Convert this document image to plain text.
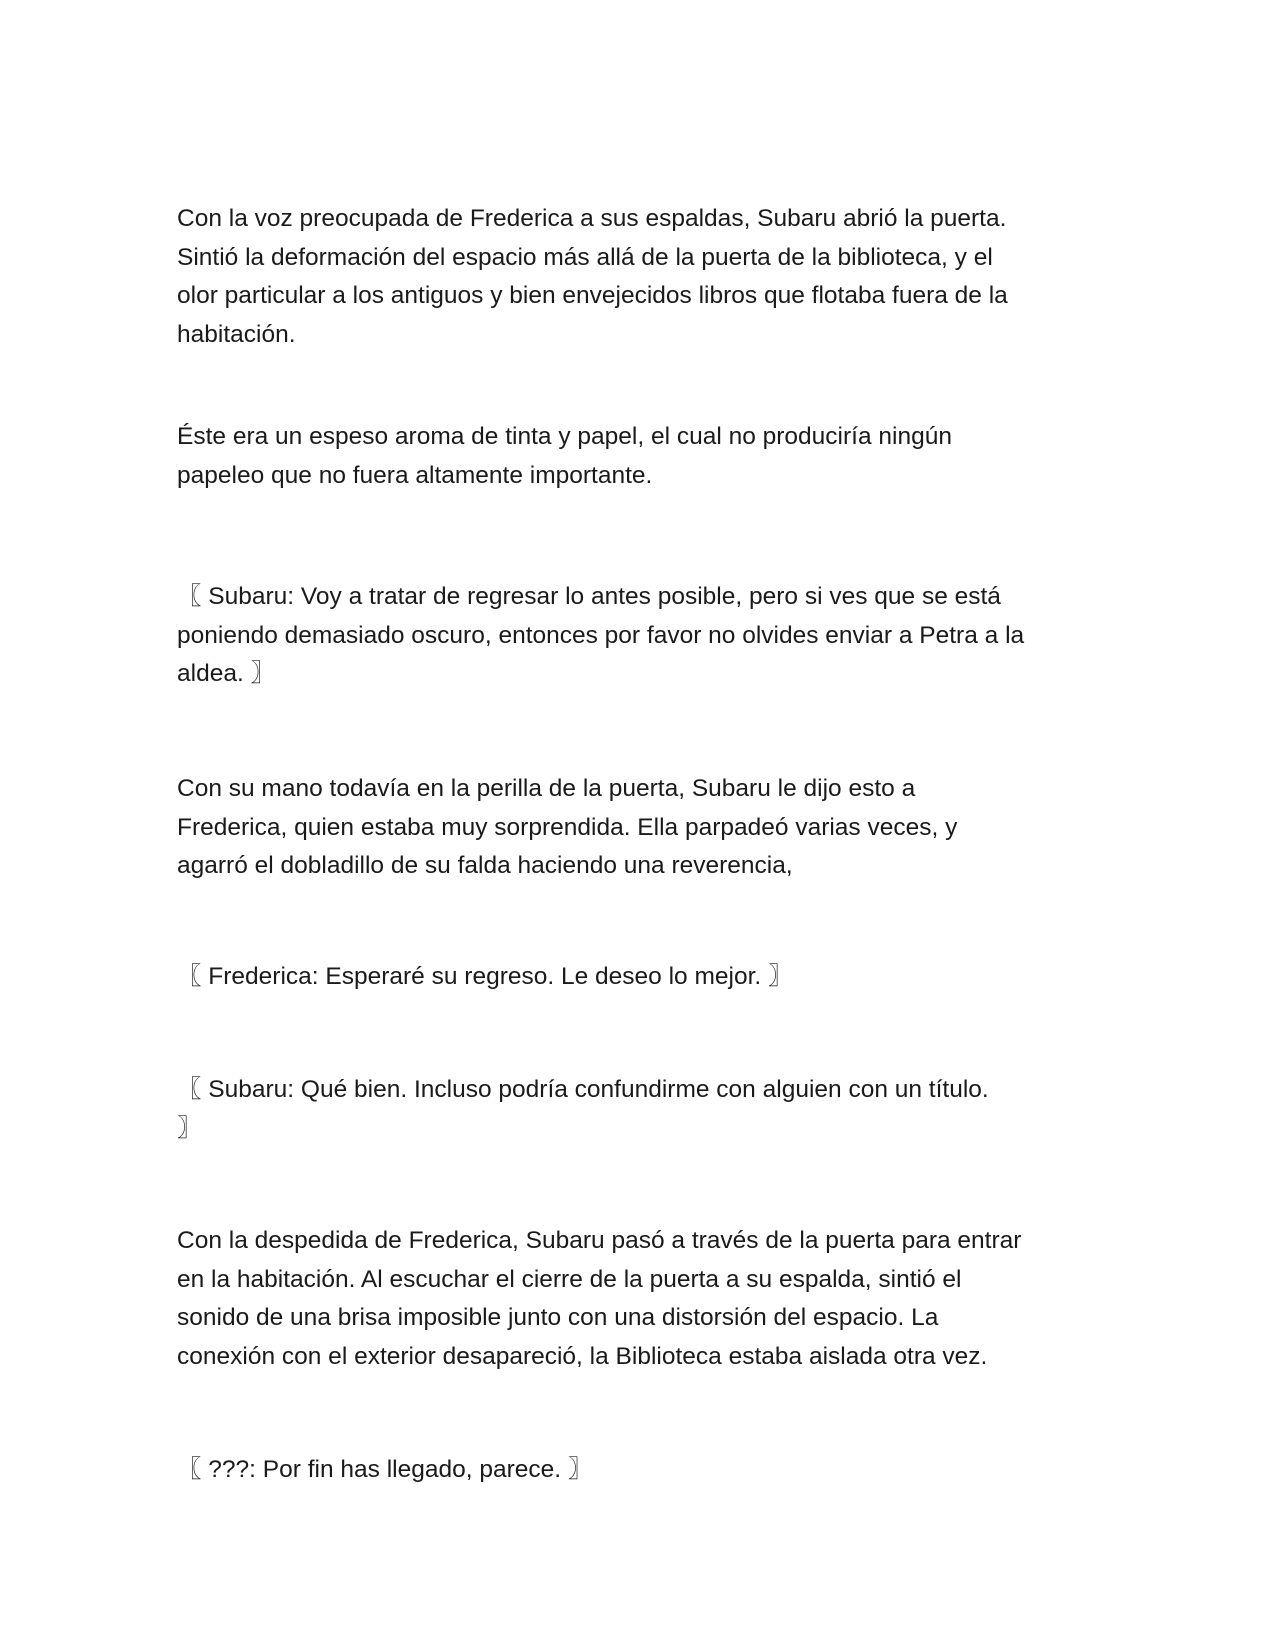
Con la voz preocupada de Frederica a sus espaldas, Subaru abrió la puerta.
Sintió la deformación del espacio más allá de la puerta de la biblioteca, y el
olor particular a los antiguos y bien envejecidos libros que flotaba fuera de la
habitación.

Éste era un espeso aroma de tinta y papel, el cual no produciría ningún
papeleo que no fuera altamente importante.

〖 Subaru: Voy a tratar de regresar lo antes posible, pero si ves que se está
poniendo demasiado oscuro, entonces por favor no olvides enviar a Petra a la
aldea. 〗

Con su mano todavía en la perilla de la puerta, Subaru le dijo esto a
Frederica, quien estaba muy sorprendida. Ella parpadeó varias veces, y
agarró el dobladillo de su falda haciendo una reverencia,

〖 Frederica: Esperaré su regreso. Le deseo lo mejor. 〗

〖 Subaru: Qué bien. Incluso podría confundirme con alguien con un título.
〗

Con la despedida de Frederica, Subaru pasó a través de la puerta para entrar
en la habitación. Al escuchar el cierre de la puerta a su espalda, sintió el
sonido de una brisa imposible junto con una distorsión del espacio. La
conexión con el exterior desapareció, la Biblioteca estaba aislada otra vez.

〖 ???: Por fin has llegado, parece. 〗
